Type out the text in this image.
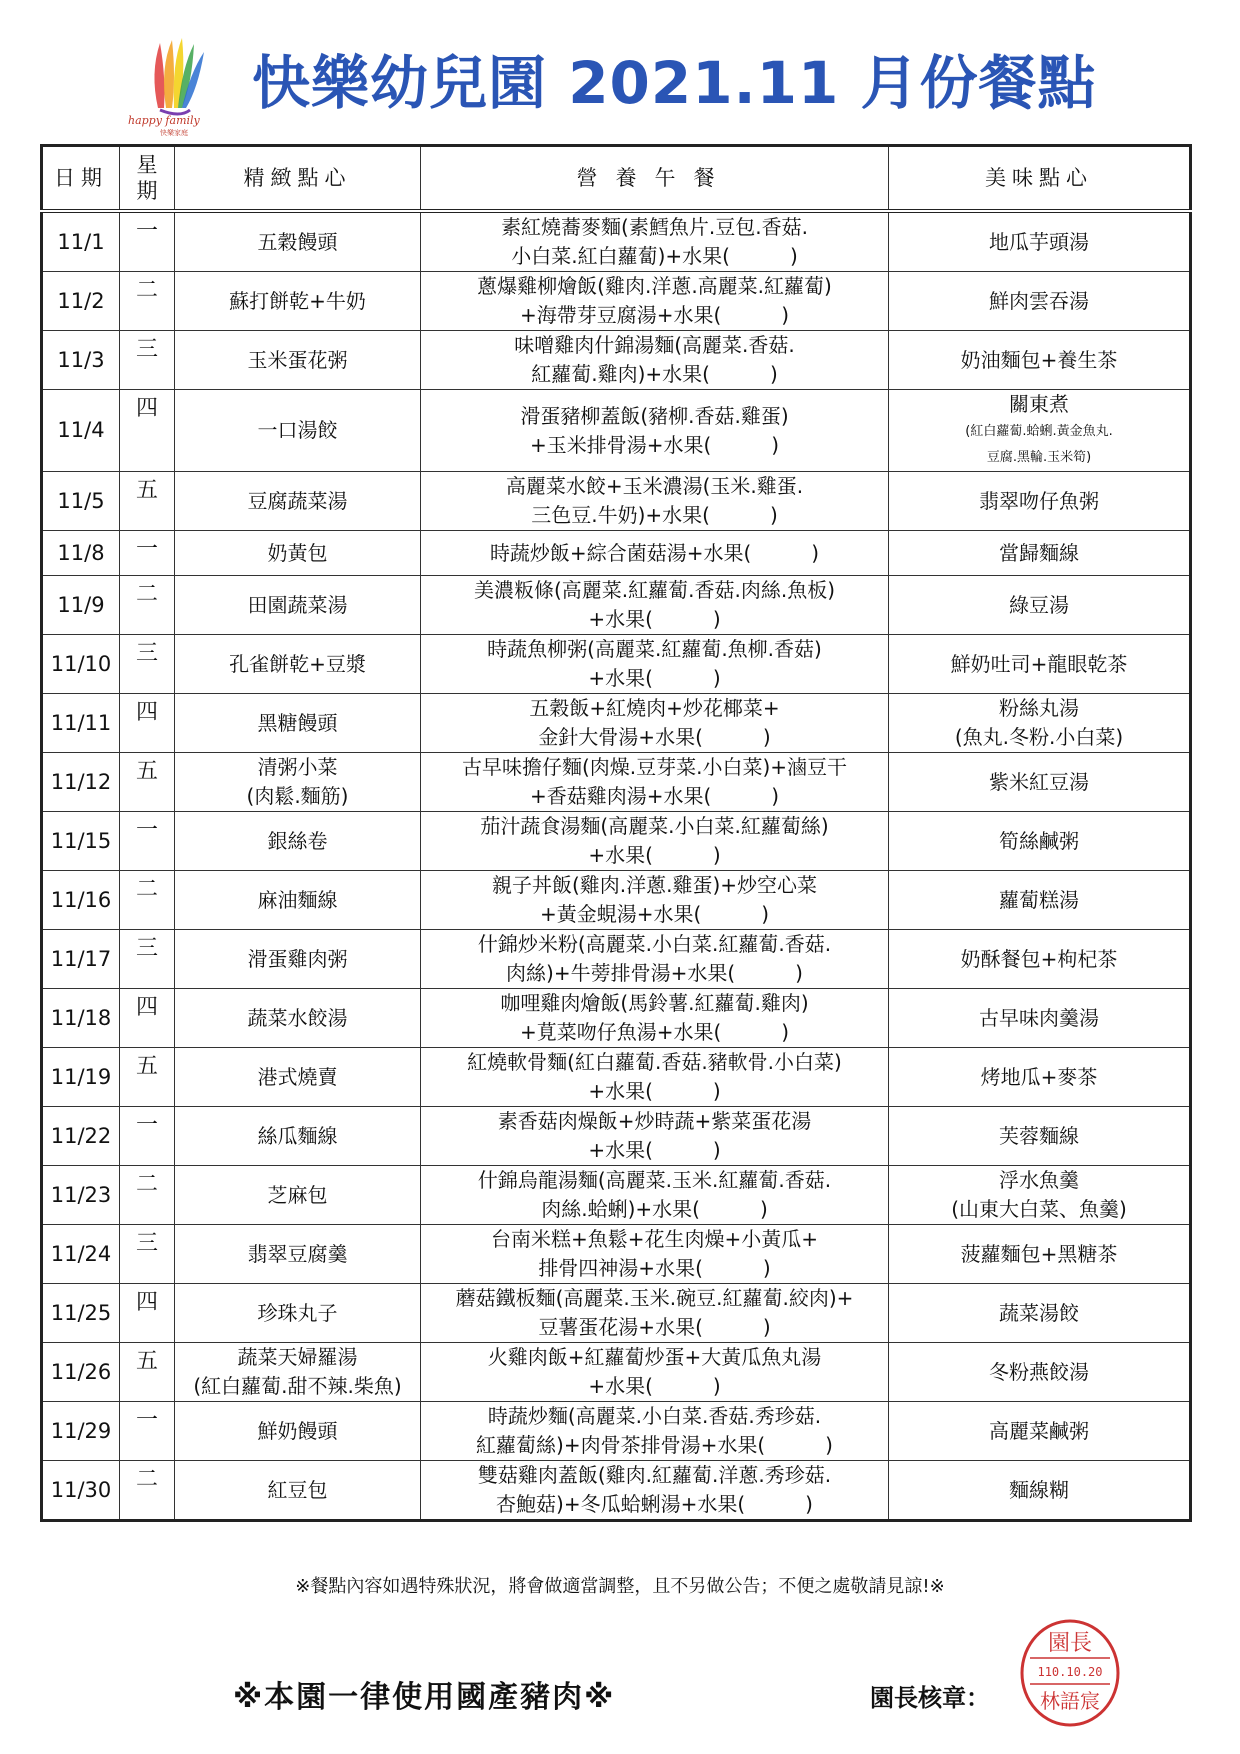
happy family
快樂家庭
快樂幼兒園 2021.11 月份餐點
日期	星期	精緻點心	營養午餐	美味點心
11/1	一	五穀饅頭	素紅燒蕎麥麵(素鱈魚片.豆包.香菇.
小白菜.紅白蘿蔔)+水果(　　　)	地瓜芋頭湯

11/2	二	蘇打餅乾+牛奶	蔥爆雞柳燴飯(雞肉.洋蔥.高麗菜.紅蘿蔔)
+海帶芽豆腐湯+水果(　　　)	鮮肉雲吞湯

11/3	三	玉米蛋花粥	味噌雞肉什錦湯麵(高麗菜.香菇.
紅蘿蔔.雞肉)+水果(　　　)	奶油麵包+養生茶

11/4	四	一口湯餃	滑蛋豬柳蓋飯(豬柳.香菇.雞蛋)
+玉米排骨湯+水果(　　　)	關東煮
(紅白蘿蔔.蛤蜊.黃金魚丸.
豆腐.黑輪.玉米筍)

11/5	五	豆腐蔬菜湯	高麗菜水餃+玉米濃湯(玉米.雞蛋.
三色豆.牛奶)+水果(　　　)	翡翠吻仔魚粥

11/8	一	奶黃包	時蔬炒飯+綜合菌菇湯+水果(　　　)	當歸麵線

11/9	二	田園蔬菜湯	美濃粄條(高麗菜.紅蘿蔔.香菇.肉絲.魚板)
+水果(　　　)	綠豆湯

11/10	三	孔雀餅乾+豆漿	時蔬魚柳粥(高麗菜.紅蘿蔔.魚柳.香菇)
+水果(　　　)	鮮奶吐司+龍眼乾茶

11/11	四	黑糖饅頭	五穀飯+紅燒肉+炒花椰菜+
金針大骨湯+水果(　　　)	粉絲丸湯
(魚丸.冬粉.小白菜)

11/12	五	清粥小菜
(肉鬆.麵筋)	古早味擔仔麵(肉燥.豆芽菜.小白菜)+滷豆干
+香菇雞肉湯+水果(　　　)	紫米紅豆湯

11/15	一	銀絲卷	茄汁蔬食湯麵(高麗菜.小白菜.紅蘿蔔絲)
+水果(　　　)	筍絲鹹粥

11/16	二	麻油麵線	親子丼飯(雞肉.洋蔥.雞蛋)+炒空心菜
+黃金蜆湯+水果(　　　)	蘿蔔糕湯

11/17	三	滑蛋雞肉粥	什錦炒米粉(高麗菜.小白菜.紅蘿蔔.香菇.
肉絲)+牛蒡排骨湯+水果(　　　)	奶酥餐包+枸杞茶

11/18	四	蔬菜水餃湯	咖哩雞肉燴飯(馬鈴薯.紅蘿蔔.雞肉)
+莧菜吻仔魚湯+水果(　　　)	古早味肉羹湯

11/19	五	港式燒賣	紅燒軟骨麵(紅白蘿蔔.香菇.豬軟骨.小白菜)
+水果(　　　)	烤地瓜+麥茶

11/22	一	絲瓜麵線	素香菇肉燥飯+炒時蔬+紫菜蛋花湯
+水果(　　　)	芙蓉麵線

11/23	二	芝麻包	什錦烏龍湯麵(高麗菜.玉米.紅蘿蔔.香菇.
肉絲.蛤蜊)+水果(　　　)	浮水魚羹
(山東大白菜、魚羹)

11/24	三	翡翠豆腐羹	台南米糕+魚鬆+花生肉燥+小黃瓜+
排骨四神湯+水果(　　　)	菠蘿麵包+黑糖茶

11/25	四	珍珠丸子	蘑菇鐵板麵(高麗菜.玉米.碗豆.紅蘿蔔.絞肉)+
豆薯蛋花湯+水果(　　　)	蔬菜湯餃

11/26	五	蔬菜天婦羅湯
(紅白蘿蔔.甜不辣.柴魚)	火雞肉飯+紅蘿蔔炒蛋+大黃瓜魚丸湯
+水果(　　　)	冬粉燕餃湯

11/29	一	鮮奶饅頭	時蔬炒麵(高麗菜.小白菜.香菇.秀珍菇.
紅蘿蔔絲)+肉骨茶排骨湯+水果(　　　)	高麗菜鹹粥

11/30	二	紅豆包	雙菇雞肉蓋飯(雞肉.紅蘿蔔.洋蔥.秀珍菇.
杏鮑菇)+冬瓜蛤蜊湯+水果(　　　)	麵線糊
※餐點內容如遇特殊狀況，將會做適當調整，且不另做公告；不便之處敬請見諒!※
※本園一律使用國產豬肉※	園長核章：
園長
110.10.20
林語宸
